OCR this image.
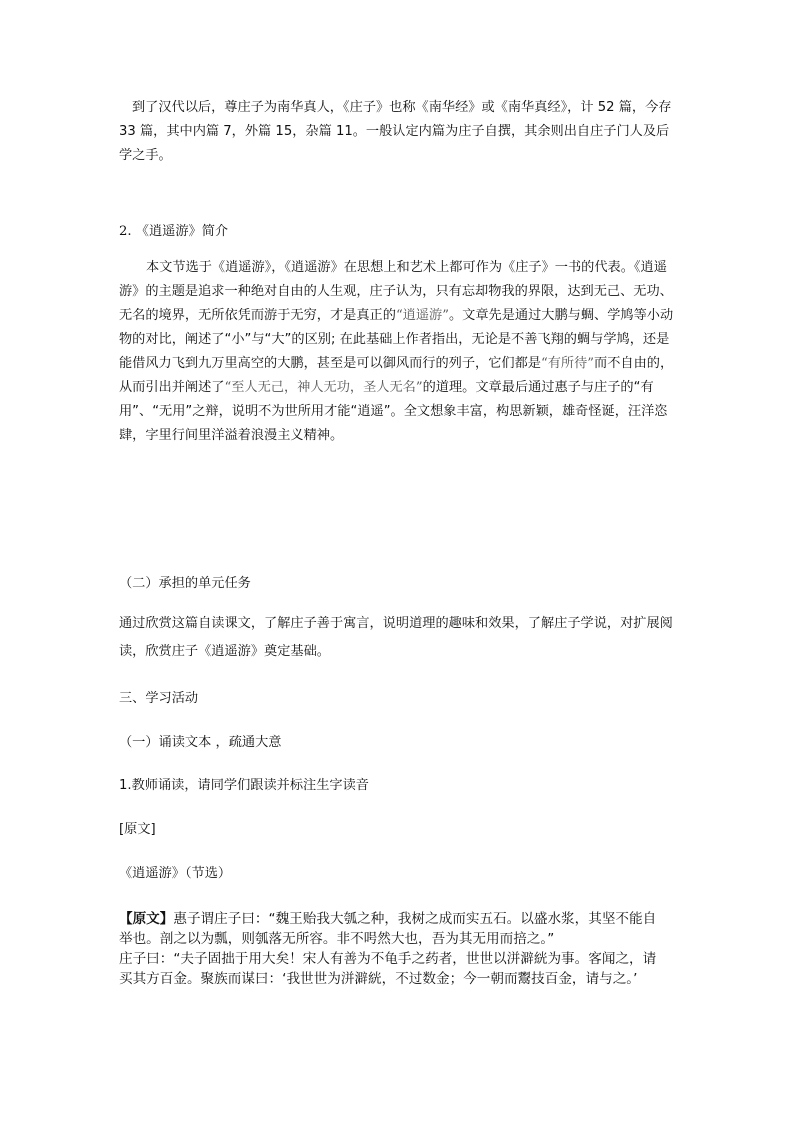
到了汉代以后，尊庄子为南华真人，《庄子》也称《南华经》或《南华真经》，计 52 篇，今存 33 篇，其中内篇 7，外篇 15，杂篇 11。一般认定内篇为庄子自撰，其余则出自庄子门人及后学之手。

2. 《逍遥游》简介

本文节选于《逍遥游》，《逍遥游》在思想上和艺术上都可作为《庄子》一书的代表。《逍遥游》的主题是追求一种绝对自由的人生观，庄子认为，只有忘却物我的界限，达到无己、无功、无名的境界，无所依凭而游于无穷，才是真正的“逍遥游”。文章先是通过大鹏与蜩、学鸠等小动物的对比，阐述了“小”与“大”的区别; 在此基础上作者指出，无论是不善飞翔的蜩与学鸠，还是能借风力飞到九万里高空的大鹏，甚至是可以御风而行的列子，它们都是“有所待”而不自由的，从而引出并阐述了“至人无己，神人无功，圣人无名”的道理。文章最后通过惠子与庄子的“有用”、“无用”之辩，说明不为世所用才能“逍遥”。全文想象丰富，构思新颖，雄奇怪诞，汪洋恣肆，字里行间里洋溢着浪漫主义精神。

（二）承担的单元任务

通过欣赏这篇自读课文，了解庄子善于寓言，说明道理的趣味和效果，了解庄子学说，对扩展阅读，欣赏庄子《逍遥游》奠定基础。

三、学习活动
（一）诵读文本 ，疏通大意
1.教师诵读，请同学们跟读并标注生字读音
[原文]
《逍遥游》（节选）
【原文】惠子谓庄子曰：“魏王贻我大瓠之种，我树之成而实五石。以盛水浆，其坚不能自
举也。剖之以为瓢，则瓠落无所容。非不呺然大也，吾为其无用而掊之。”
庄子曰：“夫子固拙于用大矣！宋人有善为不龟手之药者，世世以洴澼絖为事。客闻之，请
买其方百金。聚族而谋曰：‘我世世为洴澼絖，不过数金；今一朝而鬻技百金，请与之。’
